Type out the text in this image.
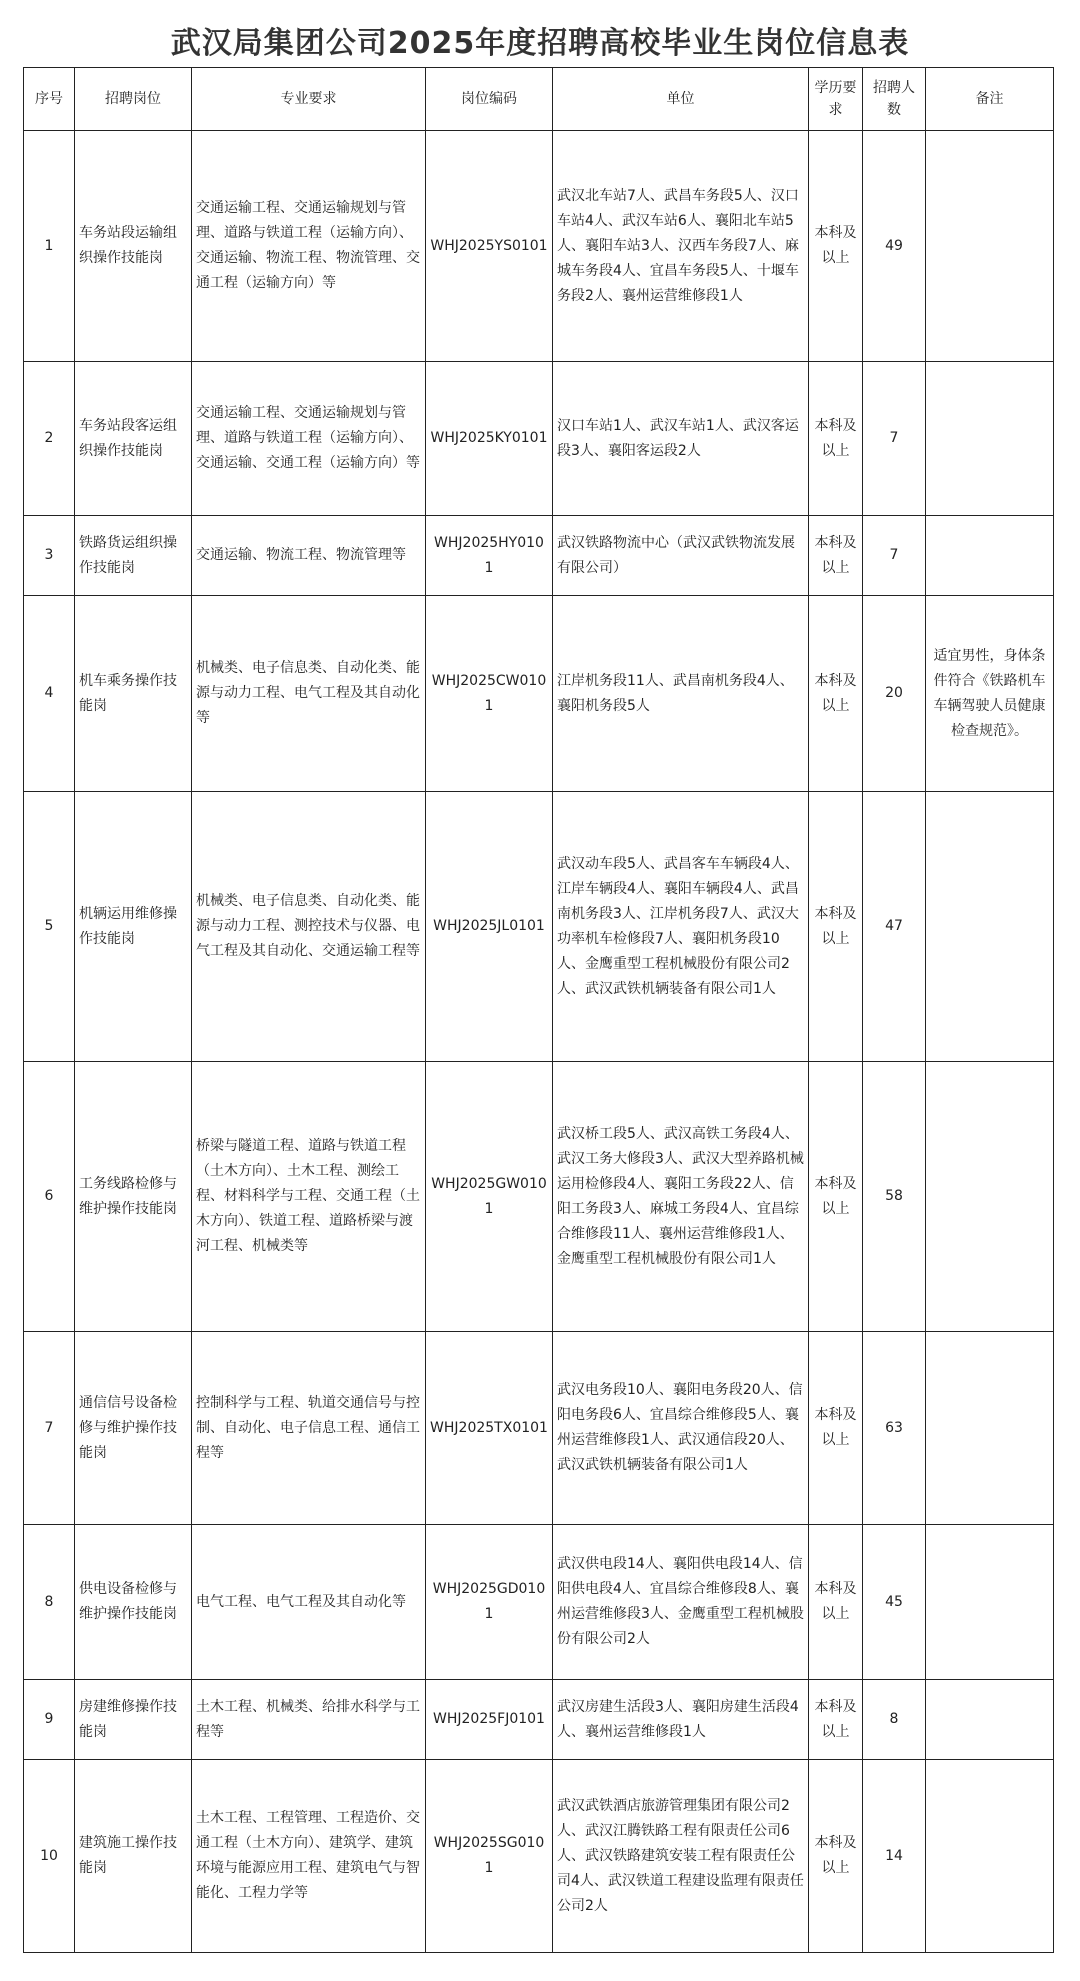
武汉局集团公司2025年度招聘高校毕业生岗位信息表
序号	招聘岗位	专业要求	岗位编码	单位	学历要求	招聘人数	备注
1	车务站段运输组织操作技能岗	交通运输工程、交通运输规划与管理、道路与铁道工程（运输方向）、交通运输、物流工程、物流管理、交通工程（运输方向）等	WHJ2025YS0101	武汉北车站7人、武昌车务段5人、汉口车站4人、武汉车站6人、襄阳北车站5人、襄阳车站3人、汉西车务段7人、麻城车务段4人、宜昌车务段5人、十堰车务段2人、襄州运营维修段1人	本科及以上	49	
2	车务站段客运组织操作技能岗	交通运输工程、交通运输规划与管理、道路与铁道工程（运输方向）、交通运输、交通工程（运输方向）等	WHJ2025KY0101	汉口车站1人、武汉车站1人、武汉客运段3人、襄阳客运段2人	本科及以上	7	
3	铁路货运组织操作技能岗	交通运输、物流工程、物流管理等	WHJ2025HY0101	武汉铁路物流中心（武汉武铁物流发展有限公司）	本科及以上	7	
4	机车乘务操作技能岗	机械类、电子信息类、自动化类、能源与动力工程、电气工程及其自动化等	WHJ2025CW0101	江岸机务段11人、武昌南机务段4人、襄阳机务段5人	本科及以上	20	适宜男性，身体条件符合《铁路机车车辆驾驶人员健康检查规范》。
5	机辆运用维修操作技能岗	机械类、电子信息类、自动化类、能源与动力工程、测控技术与仪器、电气工程及其自动化、交通运输工程等	WHJ2025JL0101	武汉动车段5人、武昌客车车辆段4人、江岸车辆段4人、襄阳车辆段4人、武昌南机务段3人、江岸机务段7人、武汉大功率机车检修段7人、襄阳机务段10人、金鹰重型工程机械股份有限公司2人、武汉武铁机辆装备有限公司1人	本科及以上	47	
6	工务线路检修与维护操作技能岗	桥梁与隧道工程、道路与铁道工程（土木方向）、土木工程、测绘工程、材料科学与工程、交通工程（土木方向）、铁道工程、道路桥梁与渡河工程、机械类等	WHJ2025GW0101	武汉桥工段5人、武汉高铁工务段4人、武汉工务大修段3人、武汉大型养路机械运用检修段4人、襄阳工务段22人、信阳工务段3人、麻城工务段4人、宜昌综合维修段11人、襄州运营维修段1人、金鹰重型工程机械股份有限公司1人	本科及以上	58	
7	通信信号设备检修与维护操作技能岗	控制科学与工程、轨道交通信号与控制、自动化、电子信息工程、通信工程等	WHJ2025TX0101	武汉电务段10人、襄阳电务段20人、信阳电务段6人、宜昌综合维修段5人、襄州运营维修段1人、武汉通信段20人、武汉武铁机辆装备有限公司1人	本科及以上	63	
8	供电设备检修与维护操作技能岗	电气工程、电气工程及其自动化等	WHJ2025GD0101	武汉供电段14人、襄阳供电段14人、信阳供电段4人、宜昌综合维修段8人、襄州运营维修段3人、金鹰重型工程机械股份有限公司2人	本科及以上	45	
9	房建维修操作技能岗	土木工程、机械类、给排水科学与工程等	WHJ2025FJ0101	武汉房建生活段3人、襄阳房建生活段4人、襄州运营维修段1人	本科及以上	8	
10	建筑施工操作技能岗	土木工程、工程管理、工程造价、交通工程（土木方向）、建筑学、建筑环境与能源应用工程、建筑电气与智能化、工程力学等	WHJ2025SG0101	武汉武铁酒店旅游管理集团有限公司2人、武汉江腾铁路工程有限责任公司6人、武汉铁路建筑安装工程有限责任公司4人、武汉铁道工程建设监理有限责任公司2人	本科及以上	14	
